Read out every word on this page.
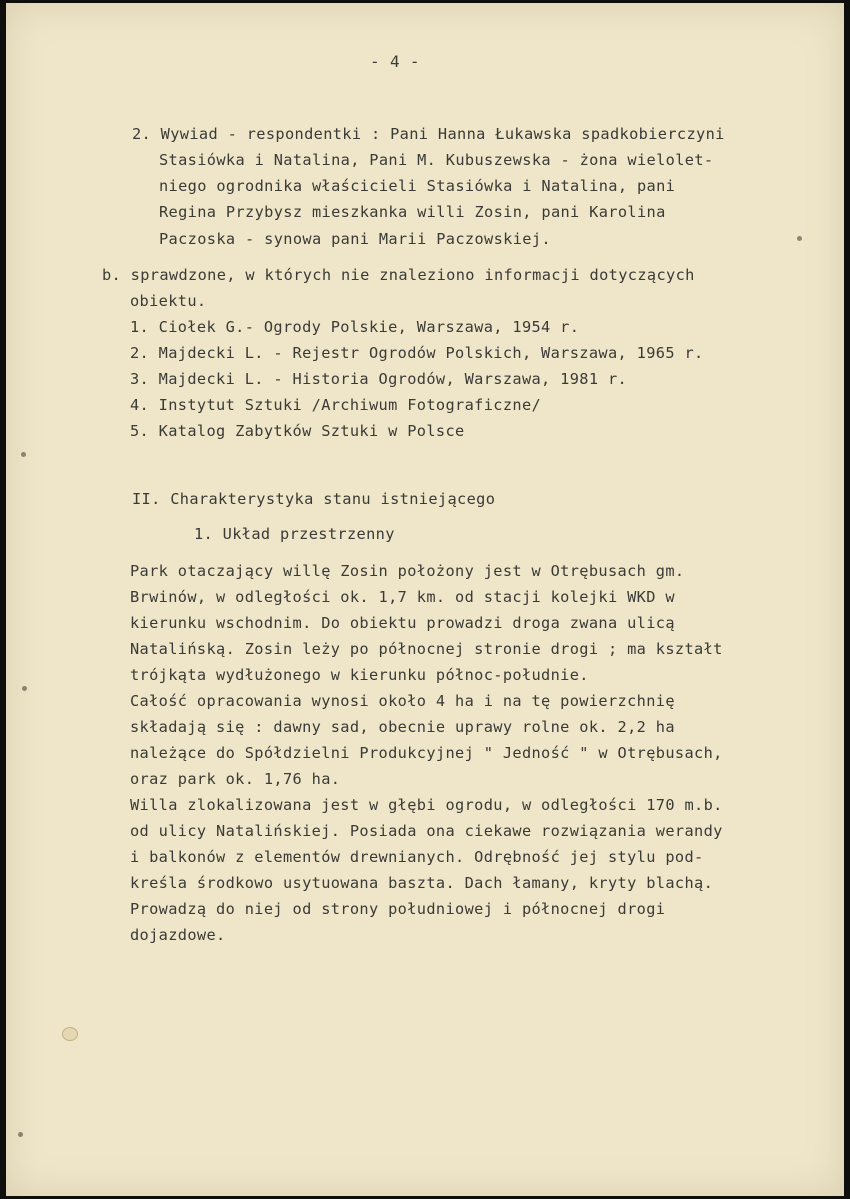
- 4 -
2. Wywiad - respondentki : Pani Hanna Łukawska spadkobierczyni
Stasiówka i Natalina, Pani M. Kubuszewska - żona wielolet-
niego ogrodnika właścicieli Stasiówka i Natalina, pani
Regina Przybysz mieszkanka willi Zosin, pani Karolina
Paczoska - synowa pani Marii Paczowskiej.
b. sprawdzone, w których nie znaleziono informacji dotyczących
obiektu.
1. Ciołek G.- Ogrody Polskie, Warszawa, 1954 r.
2. Majdecki L. - Rejestr Ogrodów Polskich, Warszawa, 1965 r.
3. Majdecki L. - Historia Ogrodów, Warszawa, 1981 r.
4. Instytut Sztuki /Archiwum Fotograficzne/
5. Katalog Zabytków Sztuki w Polsce
II. Charakterystyka stanu istniejącego
1. Układ przestrzenny
Park otaczający willę Zosin położony jest w Otrębusach gm.
Brwinów, w odległości ok. 1,7 km. od stacji kolejki WKD w
kierunku wschodnim. Do obiektu prowadzi droga zwana ulicą
Natalińską. Zosin leży po północnej stronie drogi ; ma kształt
trójkąta wydłużonego w kierunku północ-południe.
Całość opracowania wynosi około 4 ha i na tę powierzchnię
składają się : dawny sad, obecnie uprawy rolne ok. 2,2 ha
należące do Spółdzielni Produkcyjnej " Jedność " w Otrębusach,
oraz park ok. 1,76 ha.
Willa zlokalizowana jest w głębi ogrodu, w odległości 170 m.b.
od ulicy Natalińskiej. Posiada ona ciekawe rozwiązania werandy
i balkonów z elementów drewnianych. Odrębność jej stylu pod-
kreśla środkowo usytuowana baszta. Dach łamany, kryty blachą.
Prowadzą do niej od strony południowej i północnej drogi
dojazdowe.
